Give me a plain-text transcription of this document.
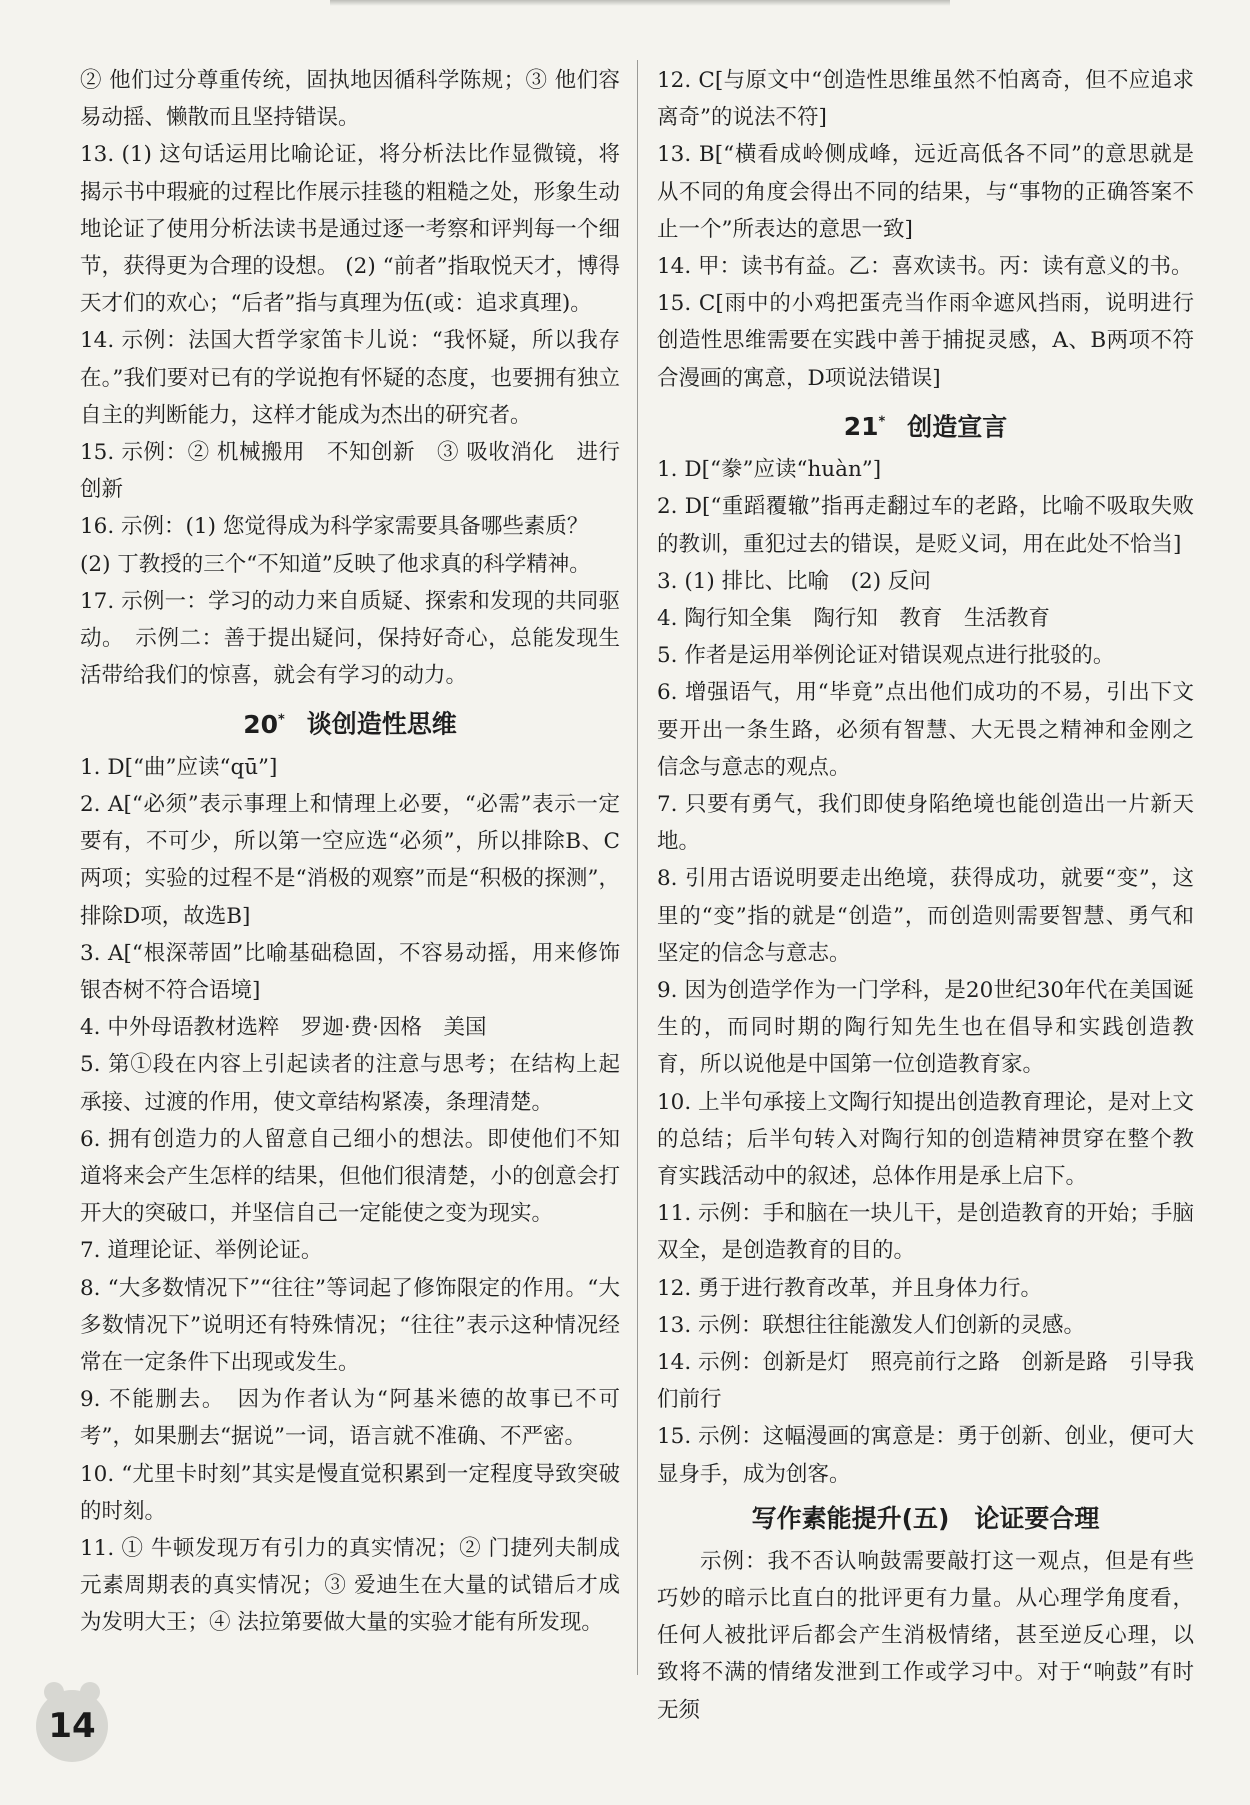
② 他们过分尊重传统，固执地因循科学陈规；③ 他们容易动摇、懒散而且坚持错误。

13. (1) 这句话运用比喻论证，将分析法比作显微镜，将揭示书中瑕疵的过程比作展示挂毯的粗糙之处，形象生动地论证了使用分析法读书是通过逐一考察和评判每一个细节，获得更为合理的设想。 (2) “前者”指取悦天才，博得天才们的欢心；“后者”指与真理为伍(或：追求真理)。

14. 示例：法国大哲学家笛卡儿说：“我怀疑，所以我存在。”我们要对已有的学说抱有怀疑的态度，也要拥有独立自主的判断能力，这样才能成为杰出的研究者。

15. 示例：② 机械搬用　不知创新　③ 吸收消化　进行创新

16. 示例：(1) 您觉得成为科学家需要具备哪些素质？

(2) 丁教授的三个“不知道”反映了他求真的科学精神。

17. 示例一：学习的动力来自质疑、探索和发现的共同驱动。　示例二：善于提出疑问，保持好奇心，总能发现生活带给我们的惊喜，就会有学习的动力。

20* 谈创造性思维

1. D[“曲”应读“qū”]

2. A[“必须”表示事理上和情理上必要，“必需”表示一定要有，不可少，所以第一空应选“必须”，所以排除B、C两项；实验的过程不是“消极的观察”而是“积极的探测”，排除D项，故选B]

3. A[“根深蒂固”比喻基础稳固，不容易动摇，用来修饰银杏树不符合语境]

4. 中外母语教材选粹　罗迦·费·因格　美国

5. 第①段在内容上引起读者的注意与思考；在结构上起承接、过渡的作用，使文章结构紧凑，条理清楚。

6. 拥有创造力的人留意自己细小的想法。即使他们不知道将来会产生怎样的结果，但他们很清楚，小的创意会打开大的突破口，并坚信自己一定能使之变为现实。

7. 道理论证、举例论证。

8. “大多数情况下”“往往”等词起了修饰限定的作用。“大多数情况下”说明还有特殊情况；“往往”表示这种情况经常在一定条件下出现或发生。

9. 不能删去。　因为作者认为“阿基米德的故事已不可考”，如果删去“据说”一词，语言就不准确、不严密。

10. “尤里卡时刻”其实是慢直觉积累到一定程度导致突破的时刻。

11. ① 牛顿发现万有引力的真实情况；② 门捷列夫制成元素周期表的真实情况；③ 爱迪生在大量的试错后才成为发明大王；④ 法拉第要做大量的实验才能有所发现。

12. C[与原文中“创造性思维虽然不怕离奇，但不应追求离奇”的说法不符]

13. B[“横看成岭侧成峰，远近高低各不同”的意思就是从不同的角度会得出不同的结果，与“事物的正确答案不止一个”所表达的意思一致]

14. 甲：读书有益。乙：喜欢读书。丙：读有意义的书。

15. C[雨中的小鸡把蛋壳当作雨伞遮风挡雨，说明进行创造性思维需要在实践中善于捕捉灵感，A、B两项不符合漫画的寓意，D项说法错误]

21* 创造宣言

1. D[“豢”应读“huàn”]

2. D[“重蹈覆辙”指再走翻过车的老路，比喻不吸取失败的教训，重犯过去的错误，是贬义词，用在此处不恰当]

3. (1) 排比、比喻　(2) 反问

4. 陶行知全集　陶行知　教育　生活教育

5. 作者是运用举例论证对错误观点进行批驳的。

6. 增强语气，用“毕竟”点出他们成功的不易，引出下文要开出一条生路，必须有智慧、大无畏之精神和金刚之信念与意志的观点。

7. 只要有勇气，我们即使身陷绝境也能创造出一片新天地。

8. 引用古语说明要走出绝境，获得成功，就要“变”，这里的“变”指的就是“创造”，而创造则需要智慧、勇气和坚定的信念与意志。

9. 因为创造学作为一门学科，是20世纪30年代在美国诞生的，而同时期的陶行知先生也在倡导和实践创造教育，所以说他是中国第一位创造教育家。

10. 上半句承接上文陶行知提出创造教育理论，是对上文的总结；后半句转入对陶行知的创造精神贯穿在整个教育实践活动中的叙述，总体作用是承上启下。

11. 示例：手和脑在一块儿干，是创造教育的开始；手脑双全，是创造教育的目的。

12. 勇于进行教育改革，并且身体力行。

13. 示例：联想往往能激发人们创新的灵感。

14. 示例：创新是灯　照亮前行之路　创新是路　引导我们前行

15. 示例：这幅漫画的寓意是：勇于创新、创业，便可大显身手，成为创客。

写作素能提升(五)　论证要合理

示例：我不否认响鼓需要敲打这一观点，但是有些巧妙的暗示比直白的批评更有力量。从心理学角度看，任何人被批评后都会产生消极情绪，甚至逆反心理，以致将不满的情绪发泄到工作或学习中。对于“响鼓”有时无须

14
